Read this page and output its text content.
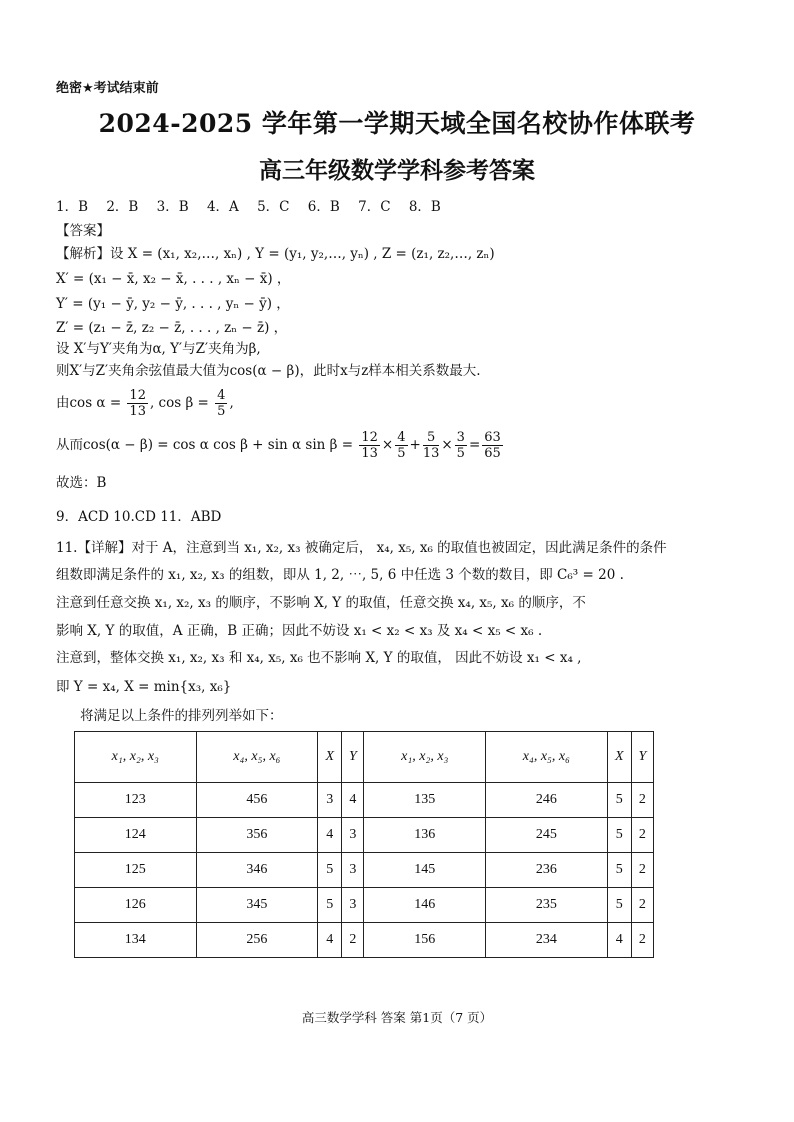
绝密★考试结束前
2024-2025 学年第一学期天域全国名校协作体联考
高三年级数学学科参考答案
1．B 2．B 3．B 4．A 5．C 6．B 7．C 8．B
【答案】
【解析】设 X = (x₁, x₂,…, xₙ) , Y = (y₁, y₂,…, yₙ) , Z = (z₁, z₂,…, zₙ)
X′ = (x₁ − x̄, x₂ − x̄, . . . , xₙ − x̄) ，
Y′ = (y₁ − ȳ, y₂ − ȳ, . . . , yₙ − ȳ) ，
Z′ = (z₁ − z̄, z₂ − z̄, . . . , zₙ − z̄) ，
设 X′与Y′夹角为α, Y′与Z′夹角为β,
则X′与Z′夹角余弦值最大值为cos(α − β)，此时x与z样本相关系数最大.
由$\cos \alpha = \frac{12}{13}$ , $\cos \beta = \frac{4}{5}$ ,
从而cos(α − β) = cos α cos β + sin α $\sin \beta = \frac{12}{13} \times \frac{4}{5} + \frac{5}{13} \times \frac{3}{5} = \frac{63}{65}$
故选：B
9．ACD 10.CD 11．ABD
11.【详解】对于 A，注意到当 x₁, x₂, x₃ 被确定后， x₄, x₅, x₆ 的取值也被固定，因此满足条件的条件
组数即满足条件的 x₁, x₂, x₃ 的组数，即从 1, 2, ⋯, 5, 6 中任选 3 个数的数目，即 C₆³ = 20 .
注意到任意交换 x₁, x₂, x₃ 的顺序，不影响 X, Y 的取值，任意交换 x₄, x₅, x₆ 的顺序，不
影响 X, Y 的取值，A 正确，B 正确；因此不妨设 x₁ < x₂ < x₃ 及 x₄ < x₅ < x₆ .
注意到，整体交换 x₁, x₂, x₃ 和 x₄, x₅, x₆ 也不影响 X, Y 的取值， 因此不妨设 x₁ < x₄ ,
即 Y = x₄, X = min{x₃, x₆}
将满足以上条件的排列列举如下：
x₁, x₂, x₃	x₄, x₅, x₆	X	Y	x₁, x₂, x₃	x₄, x₅, x₆	X	Y
123	456	3	4	135	246	5	2
124	356	4	3	136	245	5	2
125	346	5	3	145	236	5	2
126	345	5	3	146	235	5	2
134	256	4	2	156	234	4	2
高三数学学科 答案 第1页（7 页）
